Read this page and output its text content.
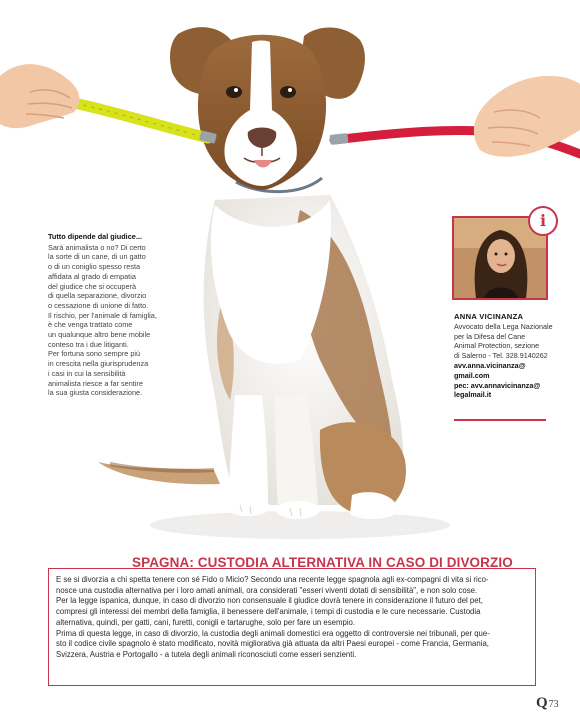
Tutto dipende dal giudice...
Sarà animalista o no? Di certo
la sorte di un cane, di un gatto
o di un coniglio spesso resta
affidata al grado di empatia
del giudice che si occuperà
di quella separazione, divorzio
o cessazione di unione di fatto.
Il rischio, per l'animale di famiglia,
è che venga trattato come
un qualunque altro bene mobile
conteso tra i due litiganti.
Per fortuna sono sempre più
in crescita nella giurisprudenza
i casi in cui la sensibilità
animalista riesce a far sentire
la sua giusta considerazione.
i
ANNA VICINANZA
Avvocato della Lega Nazionale
per la Difesa del Cane
Animal Protection, sezione
di Salerno - Tel. 328.9140262
avv.anna.vicinanza@
gmail.com
pec: avv.annavicinanza@
legalmail.it
SPAGNA: CUSTODIA ALTERNATIVA IN CASO DI DIVORZIO

E se si divorzia a chi spetta tenere con sé Fido o Micio? Secondo una recente legge spagnola agli ex-compagni di vita si rico-

nosce una custodia alternativa per i loro amati animali, ora considerati "esseri viventi dotati di sensibilità", e non solo cose.

Per la legge ispanica, dunque, in caso di divorzio non consensuale il giudice dovrà tenere in considerazione il futuro del pet,

compresi gli interessi dei membri della famiglia, il benessere dell'animale, i tempi di custodia e le cure necessarie. Custodia

alternativa, quindi, per gatti, cani, furetti, conigli e tartarughe, solo per fare un esempio.

Prima di questa legge, in caso di divorzio, la custodia degli animali domestici era oggetto di controversie nei tribunali, per que-

sto il codice civile spagnolo è stato modificato, novità migliorativa già attuata da altri Paesi europei - come Francia, Germania,

Svizzera, Austria e Portogallo - a tutela degli animali riconosciuti come esseri senzienti.

Q73
